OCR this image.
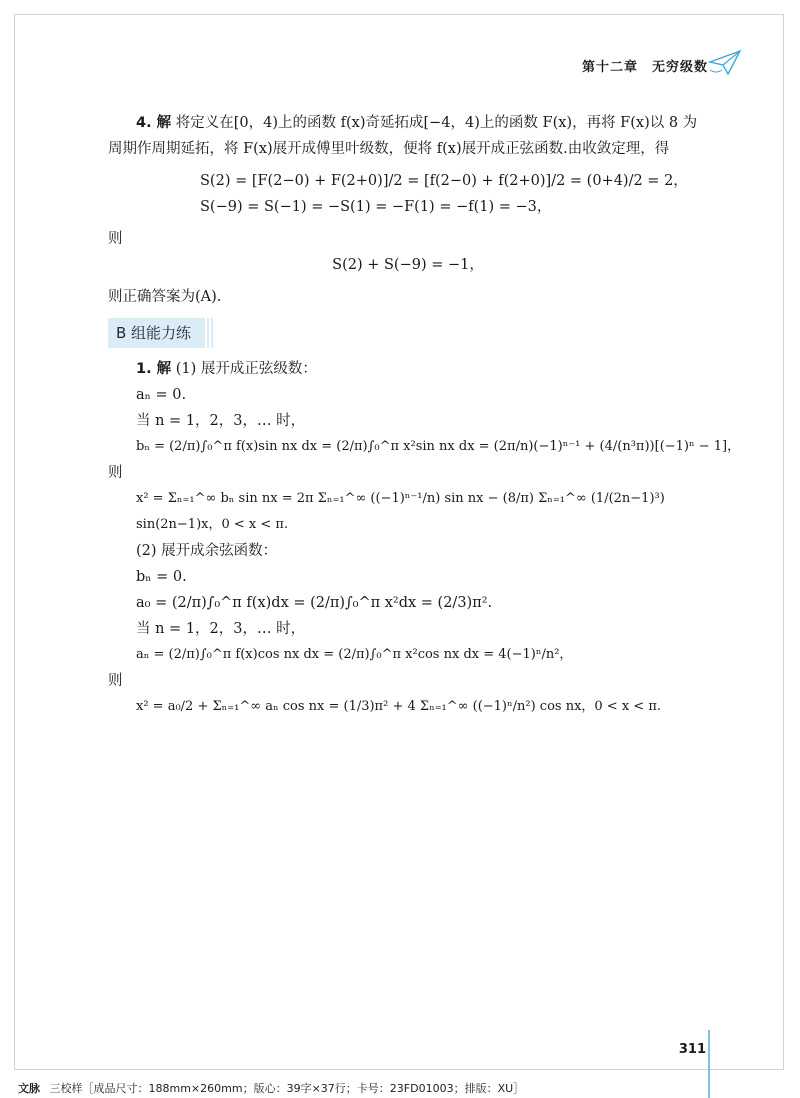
第十二章　无穷级数

4. 解 将定义在[0，4)上的函数 f(x)奇延拓成[−4，4)上的函数 F(x)，再将 F(x)以 8 为周期作周期延拓，将 F(x)展开成傅里叶级数，便将 f(x)展开成正弦函数.由收敛定理，得

S(2) = [F(2−0) + F(2+0)]/2 = [f(2−0) + f(2+0)]/2 = (0+4)/2 = 2，

S(−9) = S(−1) = −S(1) = −F(1) = −f(1) = −3，

则

S(2) + S(−9) = −1，

则正确答案为(A).

B 组能力练

1. 解 (1) 展开成正弦级数：

aₙ = 0.

当 n = 1，2，3，… 时，

bₙ = (2/π)∫₀^π f(x)sin nx dx = (2/π)∫₀^π x²sin nx dx = (2π/n)(−1)ⁿ⁻¹ + (4/(n³π))[(−1)ⁿ − 1]，

则

x² = Σₙ₌₁^∞ bₙ sin nx = 2π Σₙ₌₁^∞ ((−1)ⁿ⁻¹/n) sin nx − (8/π) Σₙ₌₁^∞ (1/(2n−1)³) sin(2n−1)x，0 < x < π.

(2) 展开成余弦函数：

bₙ = 0.

a₀ = (2/π)∫₀^π f(x)dx = (2/π)∫₀^π x²dx = (2/3)π².

当 n = 1，2，3，… 时，

aₙ = (2/π)∫₀^π f(x)cos nx dx = (2/π)∫₀^π x²cos nx dx = 4(−1)ⁿ/n²，

则

x² = a₀/2 + Σₙ₌₁^∞ aₙ cos nx = (1/3)π² + 4 Σₙ₌₁^∞ ((−1)ⁿ/n²) cos nx，0 < x < π.

311
文脉 三校样［成品尺寸：188mm×260mm；版心：39字×37行；卡号：23FD01003；排版：XU］
